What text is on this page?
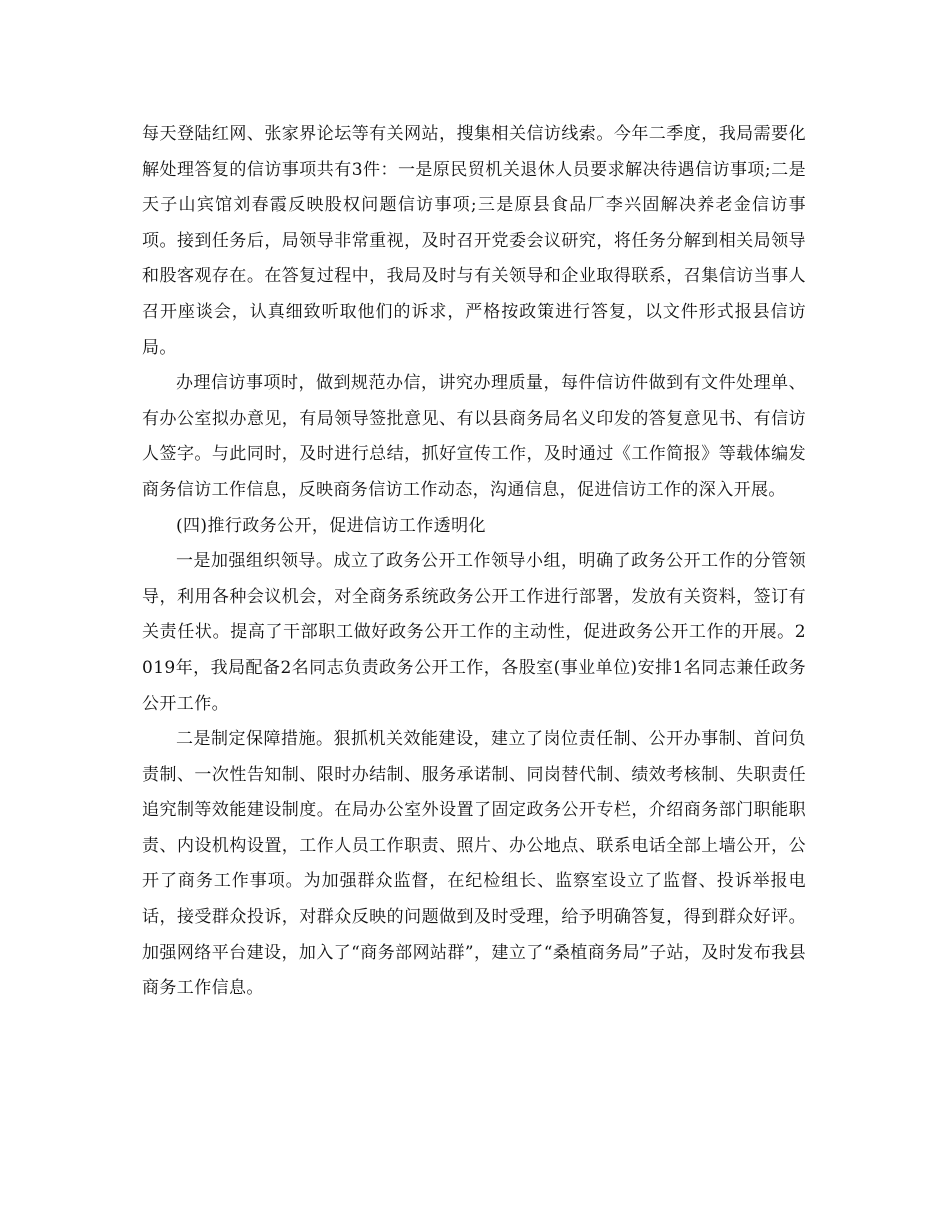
每天登陆红网、张家界论坛等有关网站，搜集相关信访线索。今年二季度，我局需要化解处理答复的信访事项共有3件：一是原民贸机关退休人员要求解决待遇信访事项;二是天子山宾馆刘春霞反映股权问题信访事项;三是原县食品厂李兴固解决养老金信访事项。接到任务后，局领导非常重视，及时召开党委会议研究，将任务分解到相关局领导和股客观存在。在答复过程中，我局及时与有关领导和企业取得联系，召集信访当事人召开座谈会，认真细致听取他们的诉求，严格按政策进行答复，以文件形式报县信访局。

办理信访事项时，做到规范办信，讲究办理质量，每件信访件做到有文件处理单、有办公室拟办意见，有局领导签批意见、有以县商务局名义印发的答复意见书、有信访人签字。与此同时，及时进行总结，抓好宣传工作，及时通过《工作简报》等载体编发商务信访工作信息，反映商务信访工作动态，沟通信息，促进信访工作的深入开展。

(四)推行政务公开，促进信访工作透明化

一是加强组织领导。成立了政务公开工作领导小组，明确了政务公开工作的分管领导，利用各种会议机会，对全商务系统政务公开工作进行部署，发放有关资料，签订有关责任状。提高了干部职工做好政务公开工作的主动性，促进政务公开工作的开展。2019年，我局配备2名同志负责政务公开工作，各股室(事业单位)安排1名同志兼任政务公开工作。

二是制定保障措施。狠抓机关效能建设，建立了岗位责任制、公开办事制、首问负责制、一次性告知制、限时办结制、服务承诺制、同岗替代制、绩效考核制、失职责任追究制等效能建设制度。在局办公室外设置了固定政务公开专栏，介绍商务部门职能职责、内设机构设置，工作人员工作职责、照片、办公地点、联系电话全部上墙公开，公开了商务工作事项。为加强群众监督，在纪检组长、监察室设立了监督、投诉举报电话，接受群众投诉，对群众反映的问题做到及时受理，给予明确答复，得到群众好评。加强网络平台建设，加入了“商务部网站群”，建立了“桑植商务局”子站，及时发布我县商务工作信息。
